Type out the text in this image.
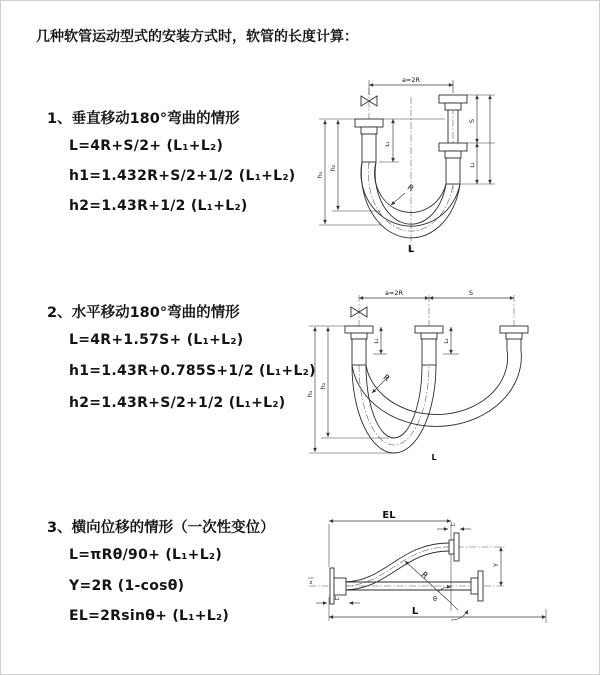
几种软管运动型式的安装方式时，软管的长度计算：
1、垂直移动180°弯曲的情形
L=4R+S/2+ (L₁+L₂)
h1=1.432R+S/2+1/2 (L₁+L₂)
h2=1.43R+1/2 (L₁+L₂)
2、水平移动180°弯曲的情形
L=4R+1.57S+ (L₁+L₂)
h1=1.43R+0.785S+1/2 (L₁+L₂)
h2=1.43R+S/2+1/2 (L₁+L₂)
3、横向位移的情形（一次性变位）
L=πRθ/90+ (L₁+L₂)
Y=2R (1-cosθ)
EL=2Rsinθ+ (L₁+L₂)
a=2R
L₁
S
L₂
h₁
h₂
R
L
a=2R	S
h₁
h₂
L₁	L₂
R
L
EL
L₁
Y
L₂
L
R
θ
z
